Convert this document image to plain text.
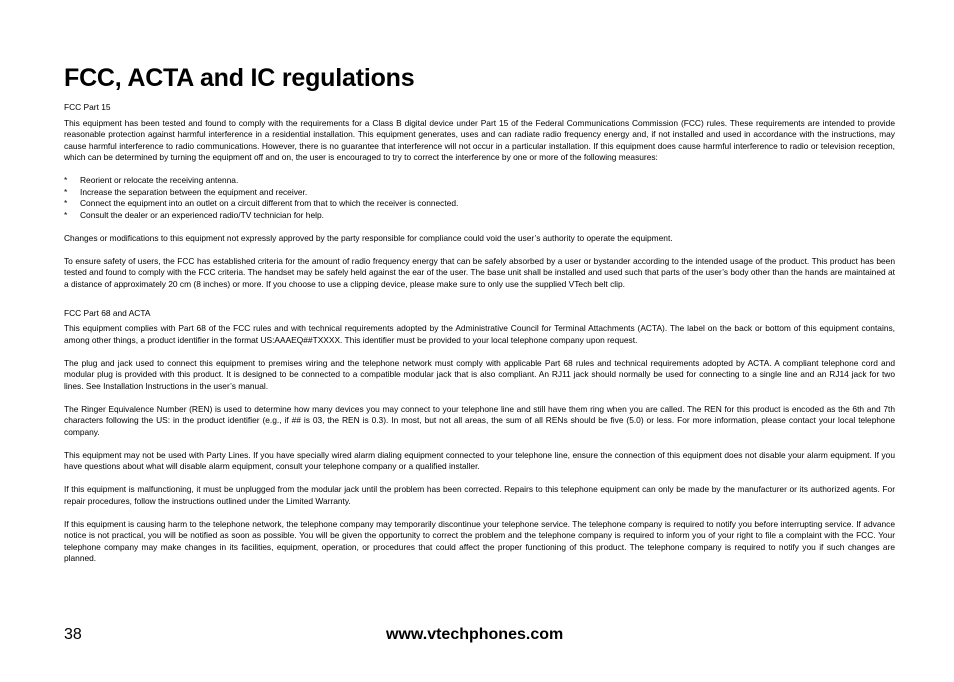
FCC, ACTA and IC regulations
FCC Part 15

This equipment has been tested and found to comply with the requirements for a Class B digital device under Part 15 of the Federal Communications Commission (FCC) rules. These requirements are intended to provide reasonable protection against harmful interference in a residential installation. This equipment generates, uses and can radiate radio frequency energy and, if not installed and used in accordance with the instructions, may cause harmful interference to radio communications. However, there is no guarantee that interference will not occur in a particular installation. If this equipment does cause harmful interference to radio or television reception, which can be determined by turning the equipment off and on, the user is encouraged to try to correct the interference by one or more of the following measures:

* Reorient or relocate the receiving antenna.
* Increase the separation between the equipment and receiver.
* Connect the equipment into an outlet on a circuit different from that to which the receiver is connected.
* Consult the dealer or an experienced radio/TV technician for help.

Changes or modifications to this equipment not expressly approved by the party responsible for compliance could void the user’s authority to operate the equipment.

To ensure safety of users, the FCC has established criteria for the amount of radio frequency energy that can be safely absorbed by a user or bystander according to the intended usage of the product. This product has been tested and found to comply with the FCC criteria. The handset may be safely held against the ear of the user. The base unit shall be installed and used such that parts of the user’s body other than the hands are maintained at a distance of approximately 20 cm (8 inches) or more. If you choose to use a clipping device, please make sure to only use the supplied VTech belt clip.

FCC Part 68 and ACTA

This equipment complies with Part 68 of the FCC rules and with technical requirements adopted by the Administrative Council for Terminal Attachments (ACTA). The label on the back or bottom of this equipment contains, among other things, a product identifier in the format US:AAAEQ##TXXXX. This identifier must be provided to your local telephone company upon request.

The plug and jack used to connect this equipment to premises wiring and the telephone network must comply with applicable Part 68 rules and technical requirements adopted by ACTA. A compliant telephone cord and modular plug is provided with this product. It is designed to be connected to a compatible modular jack that is also compliant. An RJ11 jack should normally be used for connecting to a single line and an RJ14 jack for two lines. See Installation Instructions in the user’s manual.

The Ringer Equivalence Number (REN) is used to determine how many devices you may connect to your telephone line and still have them ring when you are called. The REN for this product is encoded as the 6th and 7th characters following the US: in the product identifier (e.g., if ## is 03, the REN is 0.3). In most, but not all areas, the sum of all RENs should be five (5.0) or less. For more information, please contact your local telephone company.

This equipment may not be used with Party Lines. If you have specially wired alarm dialing equipment connected to your telephone line, ensure the connection of this equipment does not disable your alarm equipment. If you have questions about what will disable alarm equipment, consult your telephone company or a qualified installer.

If this equipment is malfunctioning, it must be unplugged from the modular jack until the problem has been corrected. Repairs to this telephone equipment can only be made by the manufacturer or its authorized agents. For repair procedures, follow the instructions outlined under the Limited Warranty.

If this equipment is causing harm to the telephone network, the telephone company may temporarily discontinue your telephone service. The telephone company is required to notify you before interrupting service. If advance notice is not practical, you will be notified as soon as possible. You will be given the opportunity to correct the problem and the telephone company is required to inform you of your right to file a complaint with the FCC. Your telephone company may make changes in its facilities, equipment, operation, or procedures that could affect the proper functioning of this product. The telephone company is required to notify you if such changes are planned.

38	www.vtechphones.com
